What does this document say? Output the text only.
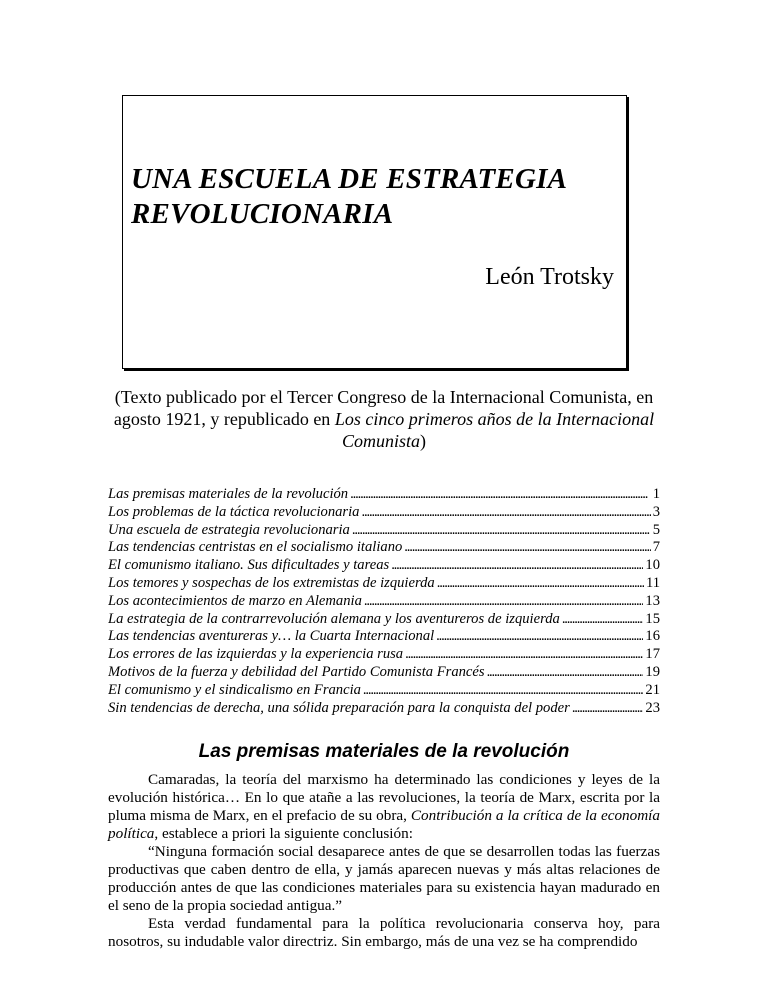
UNA ESCUELA DE ESTRATEGIA
REVOLUCIONARIA
León Trotsky
(Texto publicado por el Tercer Congreso de la Internacional Comunista, en agosto 1921, y republicado en Los cinco primeros años de la Internacional Comunista)
Las premisas materiales de la revolución . . .	1
Los problemas de la táctica revolucionaria . . .	3
Una escuela de estrategia revolucionaria . . .	5
Las tendencias centristas en el socialismo italiano . . .	7
El comunismo italiano. Sus dificultades y tareas . . .	10
Los temores y sospechas de los extremistas de izquierda . . .	11
Los acontecimientos de marzo en Alemania . . .	13
La estrategia de la contrarrevolución alemana y los aventureros de izquierda . . .	15
Las tendencias aventureras y… la Cuarta Internacional . . .	16
Los errores de las izquierdas y la experiencia rusa . . .	17
Motivos de la fuerza y debilidad del Partido Comunista Francés . . .	19
El comunismo y el sindicalismo en Francia . . .	21
Sin tendencias de derecha, una sólida preparación para la conquista del poder . . .	23
Las premisas materiales de la revolución

Camaradas, la teoría del marxismo ha determinado las condiciones y leyes de la evolución histórica… En lo que atañe a las revoluciones, la teoría de Marx, escrita por la pluma misma de Marx, en el prefacio de su obra, Contribución a la crítica de la economía política, establece a priori la siguiente conclusión:

“Ninguna formación social desaparece antes de que se desarrollen todas las fuerzas productivas que caben dentro de ella, y jamás aparecen nuevas y más altas relaciones de producción antes de que las condiciones materiales para su existencia hayan madurado en el seno de la propia sociedad antigua.”

Esta verdad fundamental para la política revolucionaria conserva hoy, para nosotros, su indudable valor directriz. Sin embargo, más de una vez se ha comprendido
